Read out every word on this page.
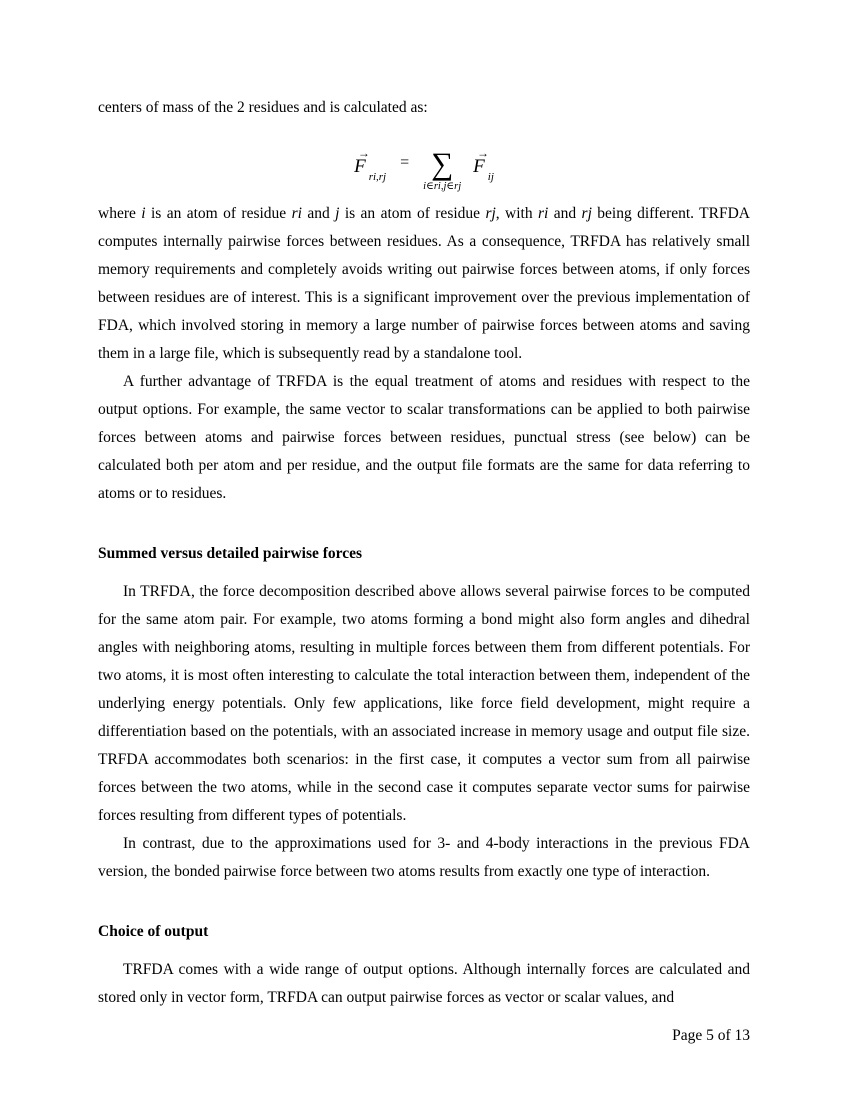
centers of mass of the 2 residues and is calculated as:

→
F ri,rj
= ∑
i∈ri,j∈rj
→
F ij

where i is an atom of residue ri and j is an atom of residue rj, with ri and rj being different. TRFDA computes internally pairwise forces between residues. As a consequence, TRFDA has relatively small memory requirements and completely avoids writing out pairwise forces between atoms, if only forces between residues are of interest. This is a significant improvement over the previous implementation of FDA, which involved storing in memory a large number of pairwise forces between atoms and saving them in a large file, which is subsequently read by a standalone tool.

A further advantage of TRFDA is the equal treatment of atoms and residues with respect to the output options. For example, the same vector to scalar transformations can be applied to both pairwise forces between atoms and pairwise forces between residues, punctual stress (see below) can be calculated both per atom and per residue, and the output file formats are the same for data referring to atoms or to residues.

Summed versus detailed pairwise forces

In TRFDA, the force decomposition described above allows several pairwise forces to be computed for the same atom pair. For example, two atoms forming a bond might also form angles and dihedral angles with neighboring atoms, resulting in multiple forces between them from different potentials. For two atoms, it is most often interesting to calculate the total interaction between them, independent of the underlying energy potentials. Only few applications, like force field development, might require a differentiation based on the potentials, with an associated increase in memory usage and output file size. TRFDA accommodates both scenarios: in the first case, it computes a vector sum from all pairwise forces between the two atoms, while in the second case it computes separate vector sums for pairwise forces resulting from different types of potentials.

In contrast, due to the approximations used for 3- and 4-body interactions in the previous FDA version, the bonded pairwise force between two atoms results from exactly one type of interaction.

Choice of output

TRFDA comes with a wide range of output options. Although internally forces are calculated and stored only in vector form, TRFDA can output pairwise forces as vector or scalar values, and

Page 5 of 13
